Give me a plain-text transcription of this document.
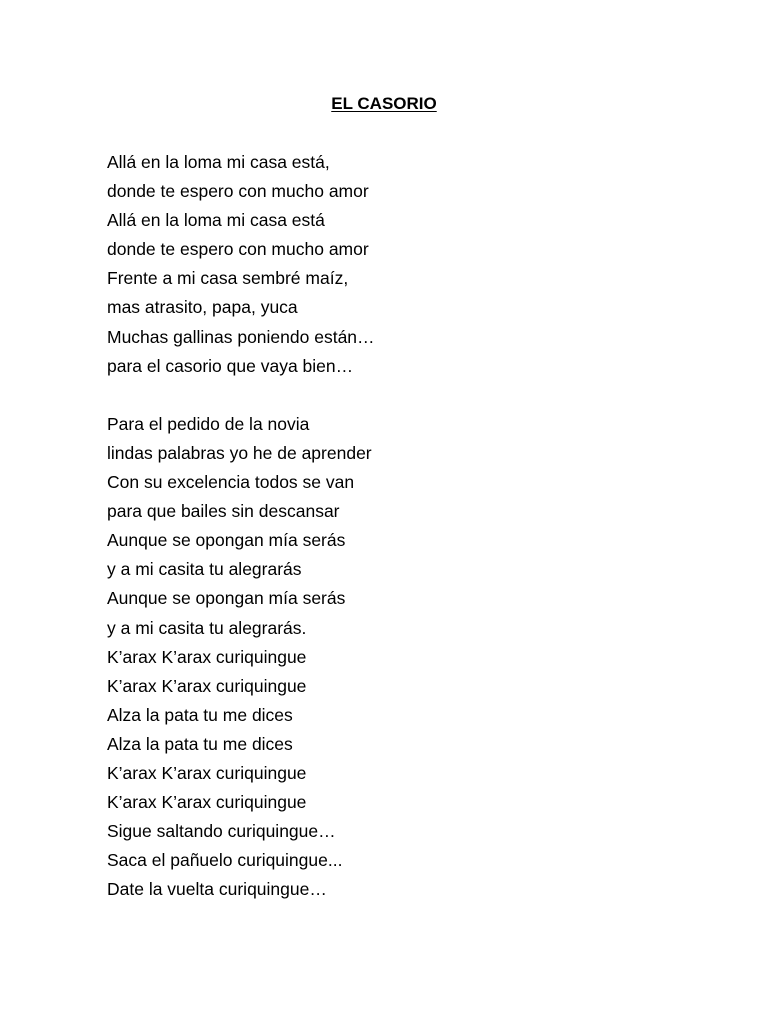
EL CASORIO
Allá en la loma mi casa está,
donde te espero con mucho amor
Allá en la loma mi casa está
donde te espero con mucho amor
Frente a mi casa sembré maíz,
mas atrasito, papa, yuca
Muchas gallinas poniendo están…
para el casorio que vaya bien…
Para el pedido de la novia
lindas palabras yo he de aprender
Con su excelencia todos se van
para que bailes sin descansar
Aunque se opongan mía serás
y a mi casita tu alegrarás
Aunque se opongan mía serás
y a mi casita tu alegrarás.
K’arax K’arax curiquingue
K’arax K’arax curiquingue
Alza la pata tu me dices
Alza la pata tu me dices
K’arax K’arax curiquingue
K’arax K’arax curiquingue
Sigue saltando curiquingue…
Saca el pañuelo curiquingue...
Date la vuelta curiquingue…
